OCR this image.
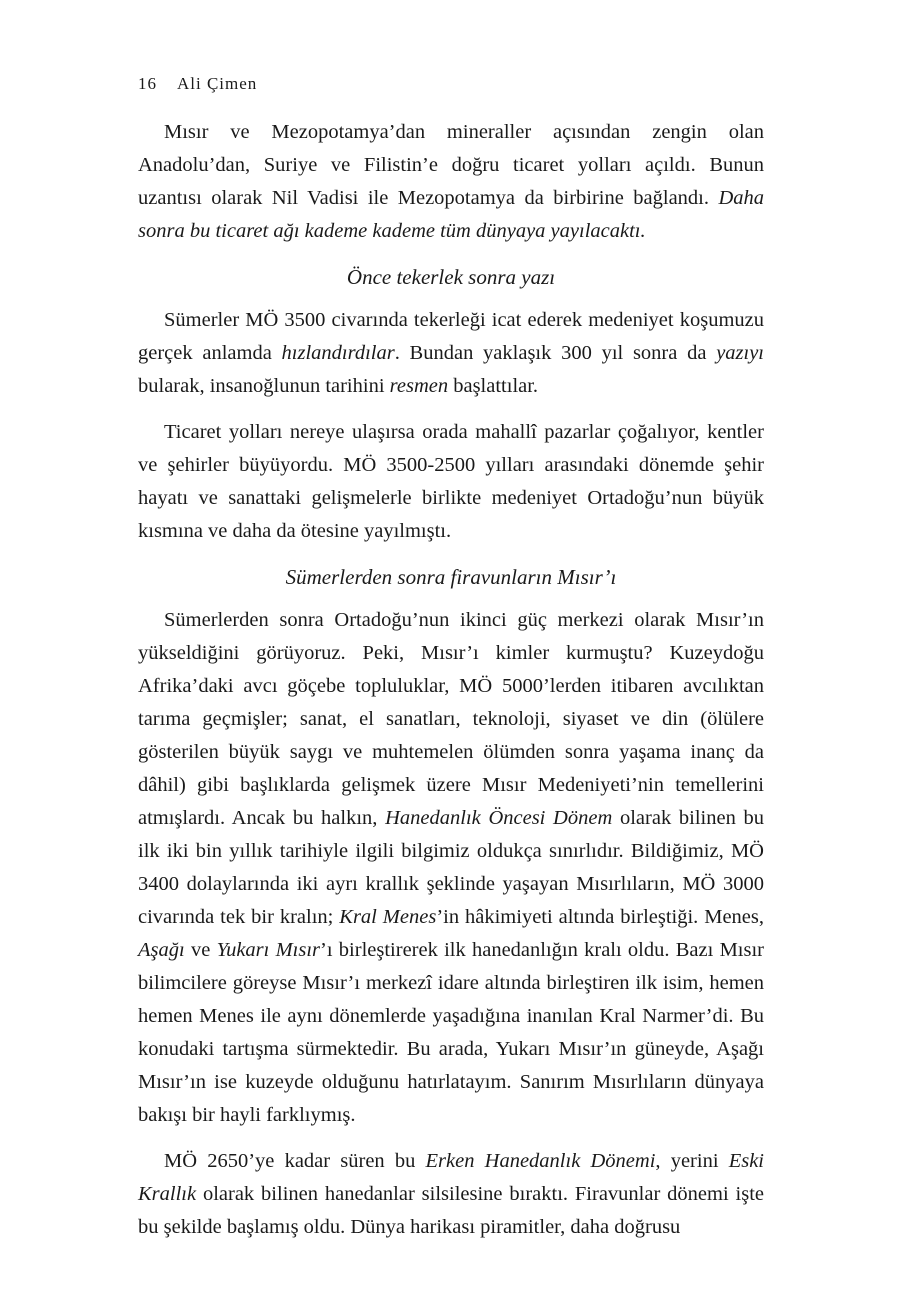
16 Ali Çimen

Mısır ve Mezopotamya’dan mineraller açısından zengin olan Anadolu’dan, Suriye ve Filistin’e doğru ticaret yolları açıldı. Bunun uzantısı olarak Nil Vadisi ile Mezopotamya da birbirine bağlandı. Daha sonra bu ticaret ağı kademe kademe tüm dünyaya yayılacaktı.

Önce tekerlek sonra yazı

Sümerler MÖ 3500 civarında tekerleği icat ederek medeniyet koşumuzu gerçek anlamda hızlandırdılar. Bundan yaklaşık 300 yıl sonra da yazıyı bularak, insanoğlunun tarihini resmen başlattılar.

Ticaret yolları nereye ulaşırsa orada mahallî pazarlar çoğalıyor, kentler ve şehirler büyüyordu. MÖ 3500-2500 yılları arasındaki dönemde şehir hayatı ve sanattaki gelişmelerle birlikte medeniyet Ortadoğu’nun büyük kısmına ve daha da ötesine yayılmıştı.

Sümerlerden sonra firavunların Mısır’ı

Sümerlerden sonra Ortadoğu’nun ikinci güç merkezi olarak Mısır’ın yükseldiğini görüyoruz. Peki, Mısır’ı kimler kurmuştu? Kuzeydoğu Afrika’daki avcı göçebe topluluklar, MÖ 5000’lerden itibaren avcılıktan tarıma geçmişler; sanat, el sanatları, teknoloji, siyaset ve din (ölülere gösterilen büyük saygı ve muhtemelen ölümden sonra yaşama inanç da dâhil) gibi başlıklarda gelişmek üzere Mısır Medeniyeti’nin temellerini atmışlardı. Ancak bu halkın, Hanedanlık Öncesi Dönem olarak bilinen bu ilk iki bin yıllık tarihiyle ilgili bilgimiz oldukça sınırlıdır. Bildiğimiz, MÖ 3400 dolaylarında iki ayrı krallık şeklinde yaşayan Mısırlıların, MÖ 3000 civarında tek bir kralın; Kral Menes’in hâkimiyeti altında birleştiği. Menes, Aşağı ve Yukarı Mısır’ı birleştirerek ilk hanedanlığın kralı oldu. Bazı Mısır bilimcilere göreyse Mısır’ı merkezî idare altında birleştiren ilk isim, hemen hemen Menes ile aynı dönemlerde yaşadığına inanılan Kral Narmer’di. Bu konudaki tartışma sürmektedir. Bu arada, Yukarı Mısır’ın güneyde, Aşağı Mısır’ın ise kuzeyde olduğunu hatırlatayım. Sanırım Mısırlıların dünyaya bakışı bir hayli farklıymış.

MÖ 2650’ye kadar süren bu Erken Hanedanlık Dönemi, yerini Eski Krallık olarak bilinen hanedanlar silsilesine bıraktı. Firavunlar dönemi işte bu şekilde başlamış oldu. Dünya harikası piramitler, daha doğrusu
